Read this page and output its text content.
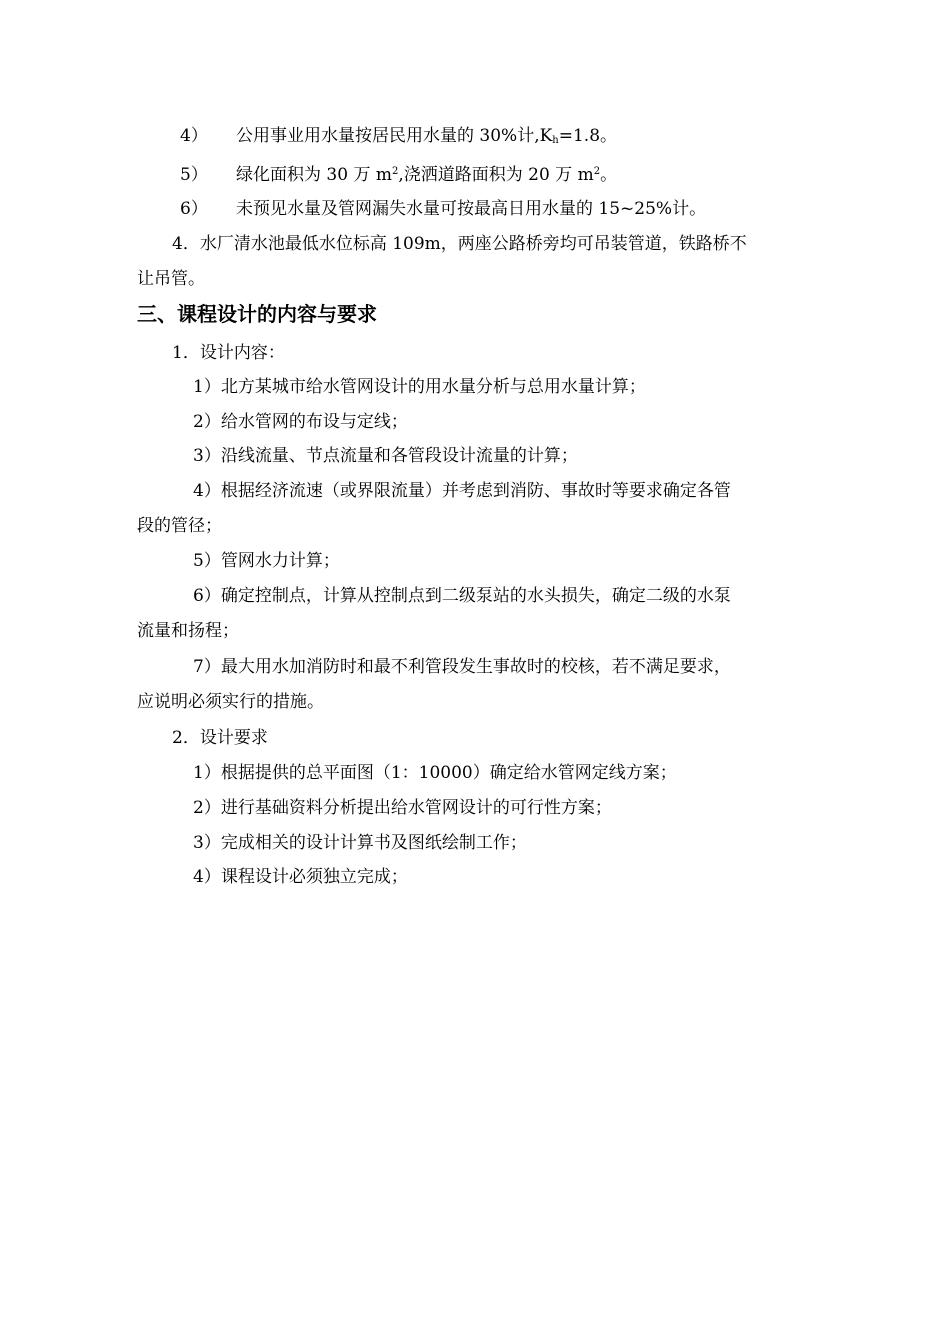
4） 公用事业用水量按居民用水量的 30%计$,K_h=1.8$。
5） 绿化面积为 30 万 $m^2$,浇洒道路面积为 20 万 $m^2$。
6） 未预见水量及管网漏失水量可按最高日用水量的 15~25%计。
4．水厂清水池最低水位标高 109m，两座公路桥旁均可吊装管道，铁路桥不
让吊管。
三、课程设计的内容与要求
1．设计内容：
1）北方某城市给水管网设计的用水量分析与总用水量计算；
2）给水管网的布设与定线；
3）沿线流量、节点流量和各管段设计流量的计算；
4）根据经济流速（或界限流量）并考虑到消防、事故时等要求确定各管
段的管径；
5）管网水力计算；
6）确定控制点，计算从控制点到二级泵站的水头损失，确定二级的水泵
流量和扬程；
7）最大用水加消防时和最不利管段发生事故时的校核，若不满足要求，
应说明必须实行的措施。
2．设计要求
1）根据提供的总平面图（1：10000）确定给水管网定线方案；
2）进行基础资料分析提出给水管网设计的可行性方案；
3）完成相关的设计计算书及图纸绘制工作；
4）课程设计必须独立完成；
